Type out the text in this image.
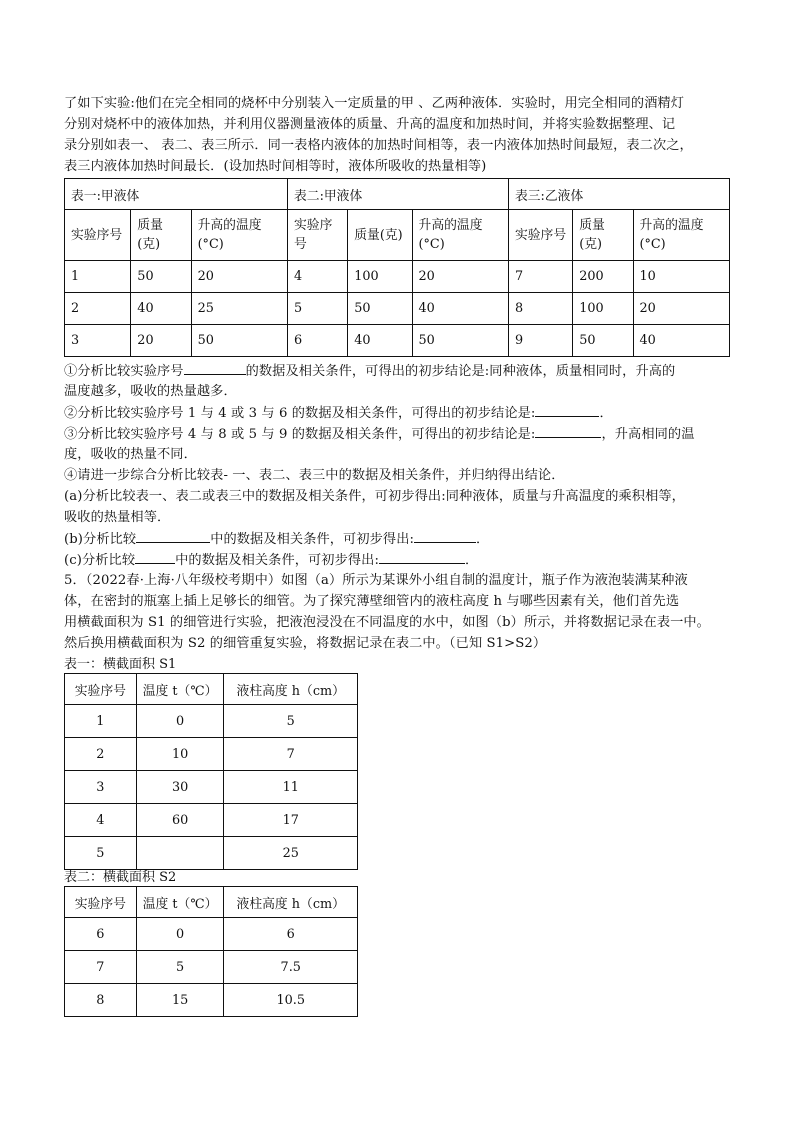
了如下实验:他们在完全相同的烧杯中分别装入一定质量的甲 、乙两种液体．实验时，用完全相同的酒精灯
分别对烧杯中的液体加热，并利用仪器测量液体的质量、升高的温度和加热时间，并将实验数据整理、记
录分别如表一、 表二、表三所示．同一表格内液体的加热时间相等，表一内液体加热时间最短，表二次之，
表三内液体加热时间最长．(设加热时间相等时，液体所吸收的热量相等)
表一:甲液体			表二:甲液体			表三:乙液体		
实验序号	质量(克)	升高的温度(°C)	实验序号	质量(克)	升高的温度(°C)	实验序号	质量(克)	升高的温度(°C)
1	50	20	4	100	20	7	200	10
2	40	25	5	50	40	8	100	20
3	20	50	6	40	50	9	50	40
①分析比较实验序号	的数据及相关条件，可得出的初步结论是:同种液体，质量相同时，升高的
温度越多，吸收的热量越多．
②分析比较实验序号 1 与 4 或 3 与 6 的数据及相关条件，可得出的初步结论是:	．
③分析比较实验序号 4 与 8 或 5 与 9 的数据及相关条件，可得出的初步结论是:	，升高相同的温
度，吸收的热量不同．
④请进一步综合分析比较表- 一、表二、表三中的数据及相关条件，并归纳得出结论．
(a)分析比较表一、表二或表三中的数据及相关条件，可初步得出:同种液体，质量与升高温度的乘积相等，
吸收的热量相等．
(b)分析比较	中的数据及相关条件，可初步得出:	．
(c)分析比较	中的数据及相关条件，可初步得出:	．
5．（2022春·上海·八年级校考期中）如图（a）所示为某课外小组自制的温度计，瓶子作为液泡装满某种液
体，在密封的瓶塞上插上足够长的细管。为了探究薄壁细管内的液柱高度 h 与哪些因素有关，他们首先选
用横截面积为 S1 的细管进行实验，把液泡浸没在不同温度的水中，如图（b）所示，并将数据记录在表一中。
然后换用横截面积为 S2 的细管重复实验，将数据记录在表二中。（已知 S1>S2）
表一：横截面积 S1
实验序号	温度 t（℃）	液柱高度 h（cm）
1	0	5
2	10	7
3	30	11
4	60	17
5		25
表二：横截面积 S2
实验序号	温度 t（℃）	液柱高度 h（cm）
6	0	6
7	5	7.5
8	15	10.5
